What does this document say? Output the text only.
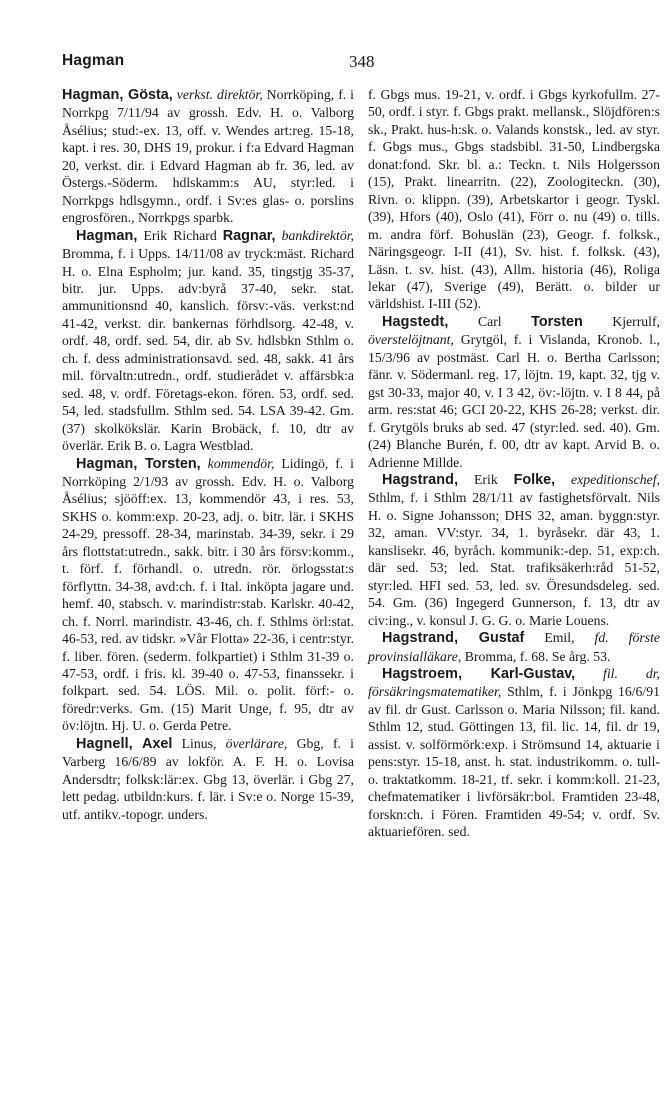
Hagman	348

Hagman, Gösta, verkst. direktör, Norrköping, f. i Norrkpg 7/11/94 av grossh. Edv. H. o. Valborg Åsélius; stud:-ex. 13, off. v. Wendes art:reg. 15-18, kapt. i res. 30, DHS 19, prokur. i f:a Edvard Hagman 20, verkst. dir. i Edvard Hagman ab fr. 36, led. av Östergs.-Söderm. hdlskamm:s AU, styr:led. i Norrkpgs hdlsgymn., ordf. i Sv:es glas- o. porslins engrosfören., Norrkpgs sparbk.

Hagman, Erik Richard Ragnar, bankdirektör, Bromma, f. i Upps. 14/11/08 av tryck:mäst. Richard H. o. Elna Espholm; jur. kand. 35, tingstjg 35-37, bitr. jur. Upps. adv:byrå 37-40, sekr. stat. ammunitionsnd 40, kanslich. försv:-väs. verkst:nd 41-42, verkst. dir. bankernas förhdlsorg. 42-48, v. ordf. 48, ordf. sed. 54, dir. ab Sv. hdlsbkn Sthlm o. ch. f. dess administrationsavd. sed. 48, sakk. 41 års mil. förvaltn:utredn., ordf. studierådet v. affärsbk:a sed. 48, v. ordf. Företags-ekon. fören. 53, ordf. sed. 54, led. stadsfullm. Sthlm sed. 54. LSA 39-42. Gm. (37) skolkökslär. Karin Brobäck, f. 10, dtr av överlär. Erik B. o. Lagra Westblad.

Hagman, Torsten, kommendör, Lidingö, f. i Norrköping 2/1/93 av grossh. Edv. H. o. Valborg Åsélius; sjööff:ex. 13, kommendör 43, i res. 53, SKHS o. komm:exp. 20-23, adj. o. bitr. lär. i SKHS 24-29, pressoff. 28-34, marinstab. 34-39, sekr. i 29 års flottstat:utredn., sakk. bitr. i 30 års försv:komm., t. förf. f. förhandl. o. utredn. rör. örlogsstat:s förflyttn. 34-38, avd:ch. f. i Ital. inköpta jagare und. hemf. 40, stabsch. v. marindistr:stab. Karlskr. 40-42, ch. f. Norrl. marindistr. 43-46, ch. f. Sthlms örl:stat. 46-53, red. av tidskr. »Vår Flotta» 22-36, i centr:styr. f. liber. fören. (sederm. folkpartiet) i Sthlm 31-39 o. 47-53, ordf. i fris. kl. 39-40 o. 47-53, finanssekr. i folkpart. sed. 54. LÖS. Mil. o. polit. förf:- o. föredr:verks. Gm. (15) Marit Unge, f. 95, dtr av öv:löjtn. Hj. U. o. Gerda Petre.

Hagnell, Axel Linus, överlärare, Gbg, f. i Varberg 16/6/89 av lokför. A. F. H. o. Lovisa Andersdtr; folksk:lär:ex. Gbg 13, överlär. i Gbg 27, lett pedag. utbildn:kurs. f. lär. i Sv:e o. Norge 15-39, utf. antikv.-topogr. unders.

f. Gbgs mus. 19-21, v. ordf. i Gbgs kyrkofullm. 27-50, ordf. i styr. f. Gbgs prakt. mellansk., Slöjdfören:s sk., Prakt. hus-h:sk. o. Valands konstsk., led. av styr. f. Gbgs mus., Gbgs stadsbibl. 31-50, Lindbergska donat:fond. Skr. bl. a.: Teckn. t. Nils Holgersson (15), Prakt. linearritn. (22), Zoologiteckn. (30), Rivn. o. klippn. (39), Arbetskartor i geogr. Tyskl. (39), Hfors (40), Oslo (41), Förr o. nu (49) o. tills. m. andra förf. Bohuslän (23), Geogr. f. folksk., Näringsgeogr. I-II (41), Sv. hist. f. folksk. (43), Läsn. t. sv. hist. (43), Allm. historia (46), Roliga lekar (47), Sverige (49), Berätt. o. bilder ur världshist. I-III (52).

Hagstedt, Carl Torsten Kjerrulf, överstelöjtnant, Grytgöl, f. i Vislanda, Kronob. l., 15/3/96 av postmäst. Carl H. o. Bertha Carlsson; fänr. v. Södermanl. reg. 17, löjtn. 19, kapt. 32, tjg v. gst 30-33, major 40, v. I 3 42, öv:-löjtn. v. I 8 44, på arm. res:stat 46; GCI 20-22, KHS 26-28; verkst. dir. f. Grytgöls bruks ab sed. 47 (styr:led. sed. 40). Gm. (24) Blanche Burén, f. 00, dtr av kapt. Arvid B. o. Adrienne Millde.

Hagstrand, Erik Folke, expeditionschef, Sthlm, f. i Sthlm 28/1/11 av fastighetsförvalt. Nils H. o. Signe Johansson; DHS 32, aman. byggn:styr. 32, aman. VV:styr. 34, 1. byråsekr. där 43, 1. kanslisekr. 46, byråch. kommunik:-dep. 51, exp:ch. där sed. 53; led. Stat. trafiksäkerh:råd 51-52, styr:led. HFI sed. 53, led. sv. Öresundsdeleg. sed. 54. Gm. (36) Ingegerd Gunnerson, f. 13, dtr av civ:ing., v. konsul J. G. G. o. Marie Louens.

Hagstrand, Gustaf Emil, fd. förste provinsialläkare, Bromma, f. 68. Se årg. 53.

Hagstroem, Karl-Gustav, fil. dr, försäkringsmatematiker, Sthlm, f. i Jönkpg 16/6/91 av fil. dr Gust. Carlsson o. Maria Nilsson; fil. kand. Sthlm 12, stud. Göttingen 13, fil. lic. 14, fil. dr 19, assist. v. solförmörk:exp. i Strömsund 14, aktuarie i pens:styr. 15-18, anst. h. stat. industrikomm. o. tull- o. traktatkomm. 18-21, tf. sekr. i komm:koll. 21-23, chefmatematiker i livförsäkr:bol. Framtiden 23-48, forskn:ch. i Fören. Framtiden 49-54; v. ordf. Sv. aktuariefören. sed.
